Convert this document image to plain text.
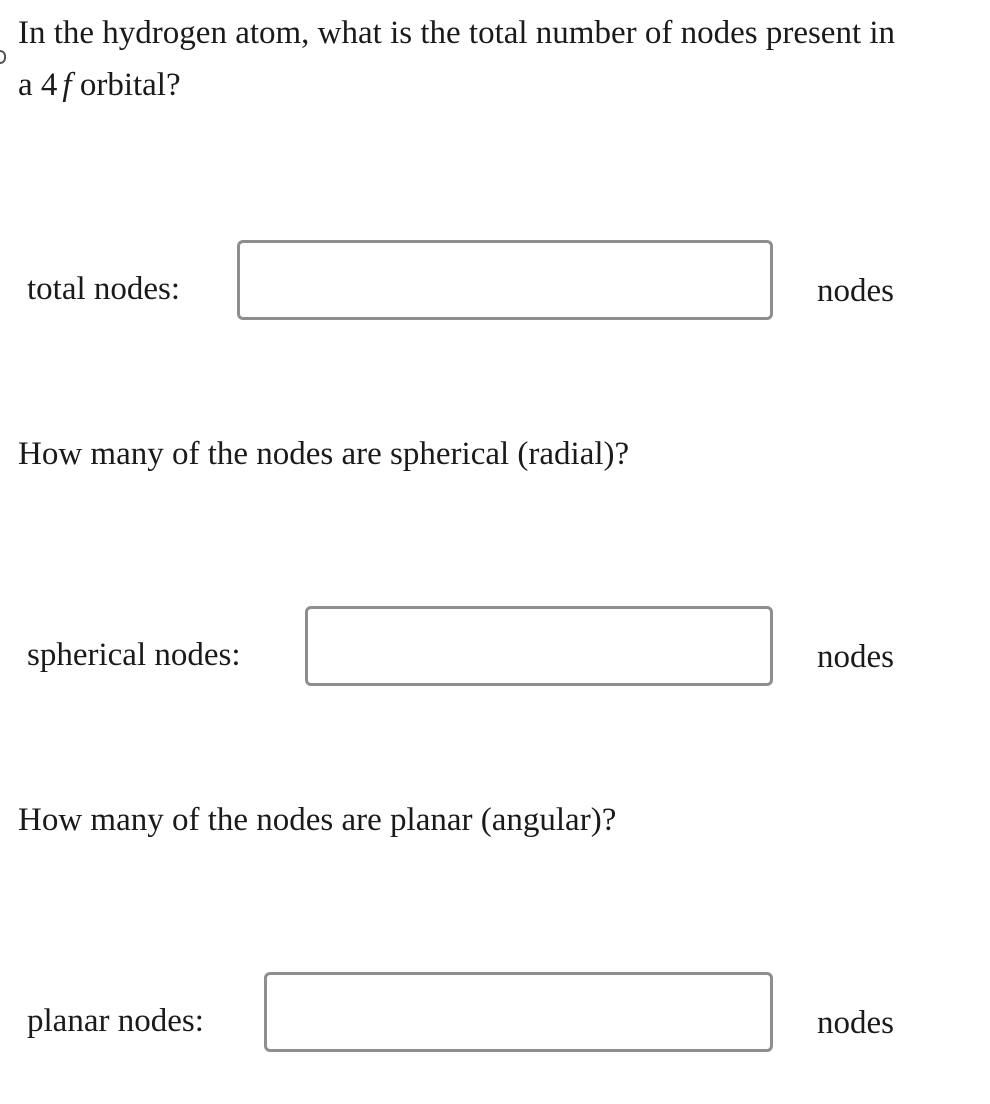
In the hydrogen atom, what is the total number of nodes present in a 4 f orbital?

total nodes:	nodes

How many of the nodes are spherical (radial)?

spherical nodes:	nodes

How many of the nodes are planar (angular)?

planar nodes:	nodes
